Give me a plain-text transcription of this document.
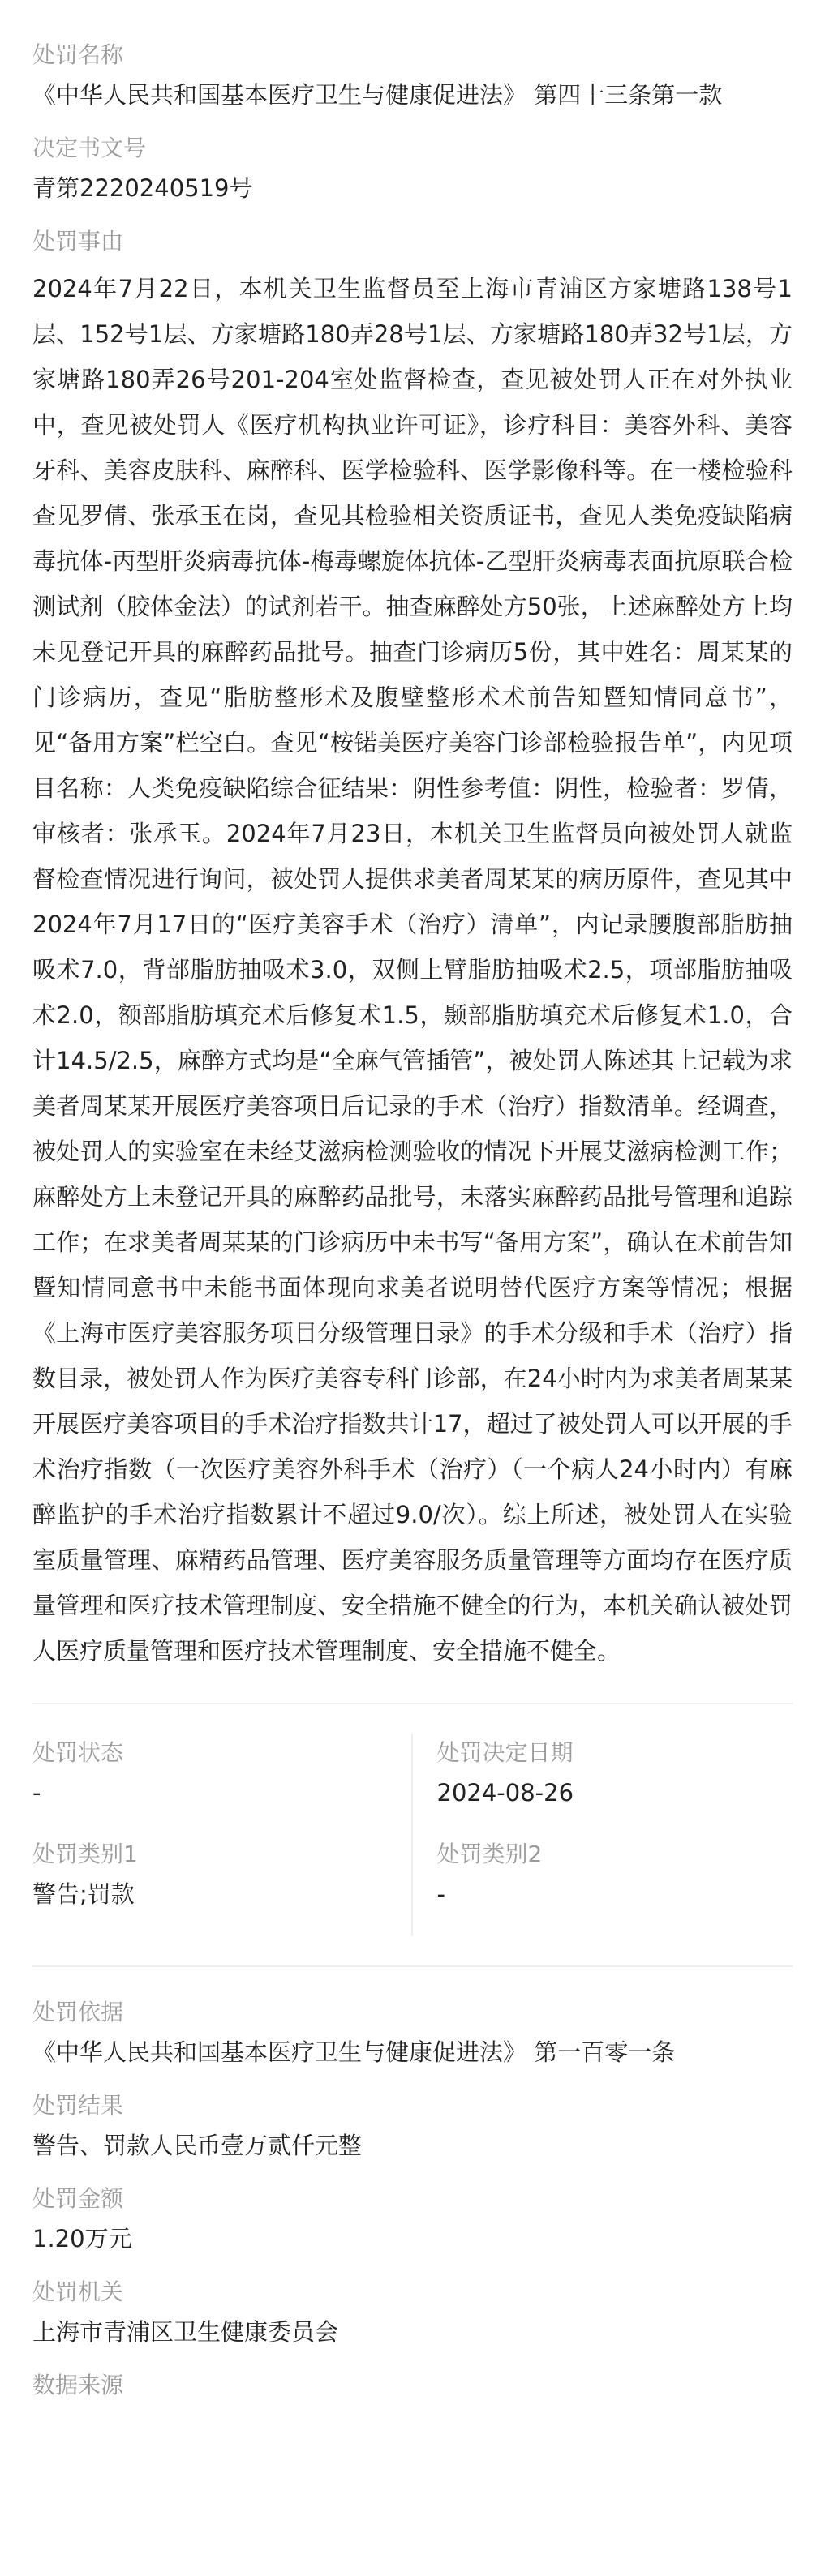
处罚名称

《中华人民共和国基本医疗卫生与健康促进法》 第四十三条第一款

决定书文号

青第2220240519号

处罚事由

2024年7月22日，本机关卫生监督员至上海市青浦区方家塘路138号1层、152号1层、方家塘路180弄28号1层、方家塘路180弄32号1层，方家塘路180弄26号201-204室处监督检查，查见被处罚人正在对外执业中，查见被处罚人《医疗机构执业许可证》，诊疗科目：美容外科、美容牙科、美容皮肤科、麻醉科、医学检验科、医学影像科等。在一楼检验科查见罗倩、张承玉在岗，查见其检验相关资质证书，查见人类免疫缺陷病毒抗体-丙型肝炎病毒抗体-梅毒螺旋体抗体-乙型肝炎病毒表面抗原联合检测试剂（胶体金法）的试剂若干。抽查麻醉处方50张，上述麻醉处方上均未见登记开具的麻醉药品批号。抽查门诊病历5份，其中姓名：周某某的门诊病历，查见“脂肪整形术及腹壁整形术术前告知暨知情同意书”，见“备用方案”栏空白。查见“桉锘美医疗美容门诊部检验报告单”，内见项目名称：人类免疫缺陷综合征结果：阴性参考值：阴性，检验者：罗倩，审核者：张承玉。2024年7月23日，本机关卫生监督员向被处罚人就监督检查情况进行询问，被处罚人提供求美者周某某的病历原件，查见其中2024年7月17日的“医疗美容手术（治疗）清单”，内记录腰腹部脂肪抽吸术7.0，背部脂肪抽吸术3.0，双侧上臂脂肪抽吸术2.5，项部脂肪抽吸术2.0，额部脂肪填充术后修复术1.5，颞部脂肪填充术后修复术1.0，合计14.5/2.5，麻醉方式均是“全麻气管插管”，被处罚人陈述其上记载为求美者周某某开展医疗美容项目后记录的手术（治疗）指数清单。经调查，被处罚人的实验室在未经艾滋病检测验收的情况下开展艾滋病检测工作；麻醉处方上未登记开具的麻醉药品批号，未落实麻醉药品批号管理和追踪工作；在求美者周某某的门诊病历中未书写“备用方案”，确认在术前告知暨知情同意书中未能书面体现向求美者说明替代医疗方案等情况；根据《上海市医疗美容服务项目分级管理目录》的手术分级和手术（治疗）指数目录，被处罚人作为医疗美容专科门诊部，在24小时内为求美者周某某开展医疗美容项目的手术治疗指数共计17，超过了被处罚人可以开展的手术治疗指数（一次医疗美容外科手术（治疗）（一个病人24小时内）有麻醉监护的手术治疗指数累计不超过9.0/次）。综上所述，被处罚人在实验室质量管理、麻精药品管理、医疗美容服务质量管理等方面均存在医疗质量管理和医疗技术管理制度、安全措施不健全的行为，本机关确认被处罚人医疗质量管理和医疗技术管理制度、安全措施不健全。

处罚状态

-

处罚决定日期

2024-08-26

处罚类别1

警告;罚款

处罚类别2

-

处罚依据

《中华人民共和国基本医疗卫生与健康促进法》 第一百零一条

处罚结果

警告、罚款人民币壹万贰仟元整

处罚金额

1.20万元

处罚机关

上海市青浦区卫生健康委员会

数据来源
